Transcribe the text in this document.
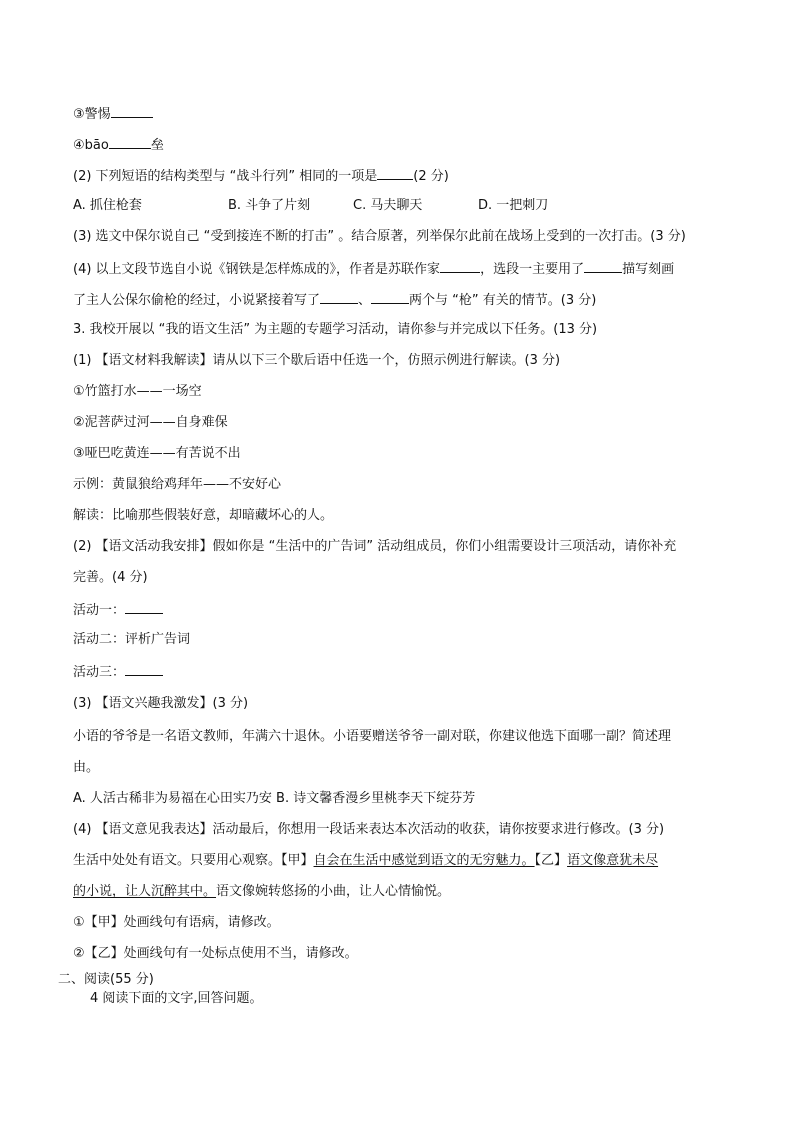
③警惕
④bāo	垒
(2) 下列短语的结构类型与 “战斗行列” 相同的一项是	(2 分)
A. 抓住枪套	B. 斗争了片刻	C. 马夫聊天	D. 一把刺刀
(3) 选文中保尔说自己 “受到接连不断的打击” 。结合原著，列举保尔此前在战场上受到的一次打击。(3 分)
(4) 以上文段节选自小说《钢铁是怎样炼成的》，作者是苏联作家	，选段一主要用了	描写刻画
了主人公保尔偷枪的经过，小说紧接着写了	、	两个与 “枪” 有关的情节。(3 分)
3. 我校开展以 “我的语文生活” 为主题的专题学习活动，请你参与并完成以下任务。(13 分)
(1) 【语文材料我解读】请从以下三个歇后语中任选一个，仿照示例进行解读。(3 分)
①竹篮打水——一场空
②泥菩萨过河——自身难保
③哑巴吃黄连——有苦说不出
示例：黄鼠狼给鸡拜年——不安好心
解读：比喻那些假装好意，却暗藏坏心的人。
(2) 【语文活动我安排】假如你是 “生活中的广告词” 活动组成员，你们小组需要设计三项活动，请你补充
完善。(4 分)
活动一：
活动二：评析广告词
活动三：
(3) 【语文兴趣我激发】(3 分)
小语的爷爷是一名语文教师，年满六十退休。小语要赠送爷爷一副对联，你建议他选下面哪一副？简述理
由。
A. 人活古稀非为易福在心田实乃安 B. 诗文馨香漫乡里桃李天下绽芬芳
(4) 【语文意见我表达】活动最后，你想用一段话来表达本次活动的收获，请你按要求进行修改。(3 分)
生活中处处有语文。只要用心观察。【甲】自会在生活中感觉到语文的无穷魅力。【乙】语文像意犹未尽
的小说，让人沉醉其中。语文像婉转悠扬的小曲，让人心情愉悦。
①【甲】处画线句有语病，请修改。
②【乙】处画线句有一处标点使用不当，请修改。
二、阅读(55 分)
4 阅读下面的文字,回答问题。
